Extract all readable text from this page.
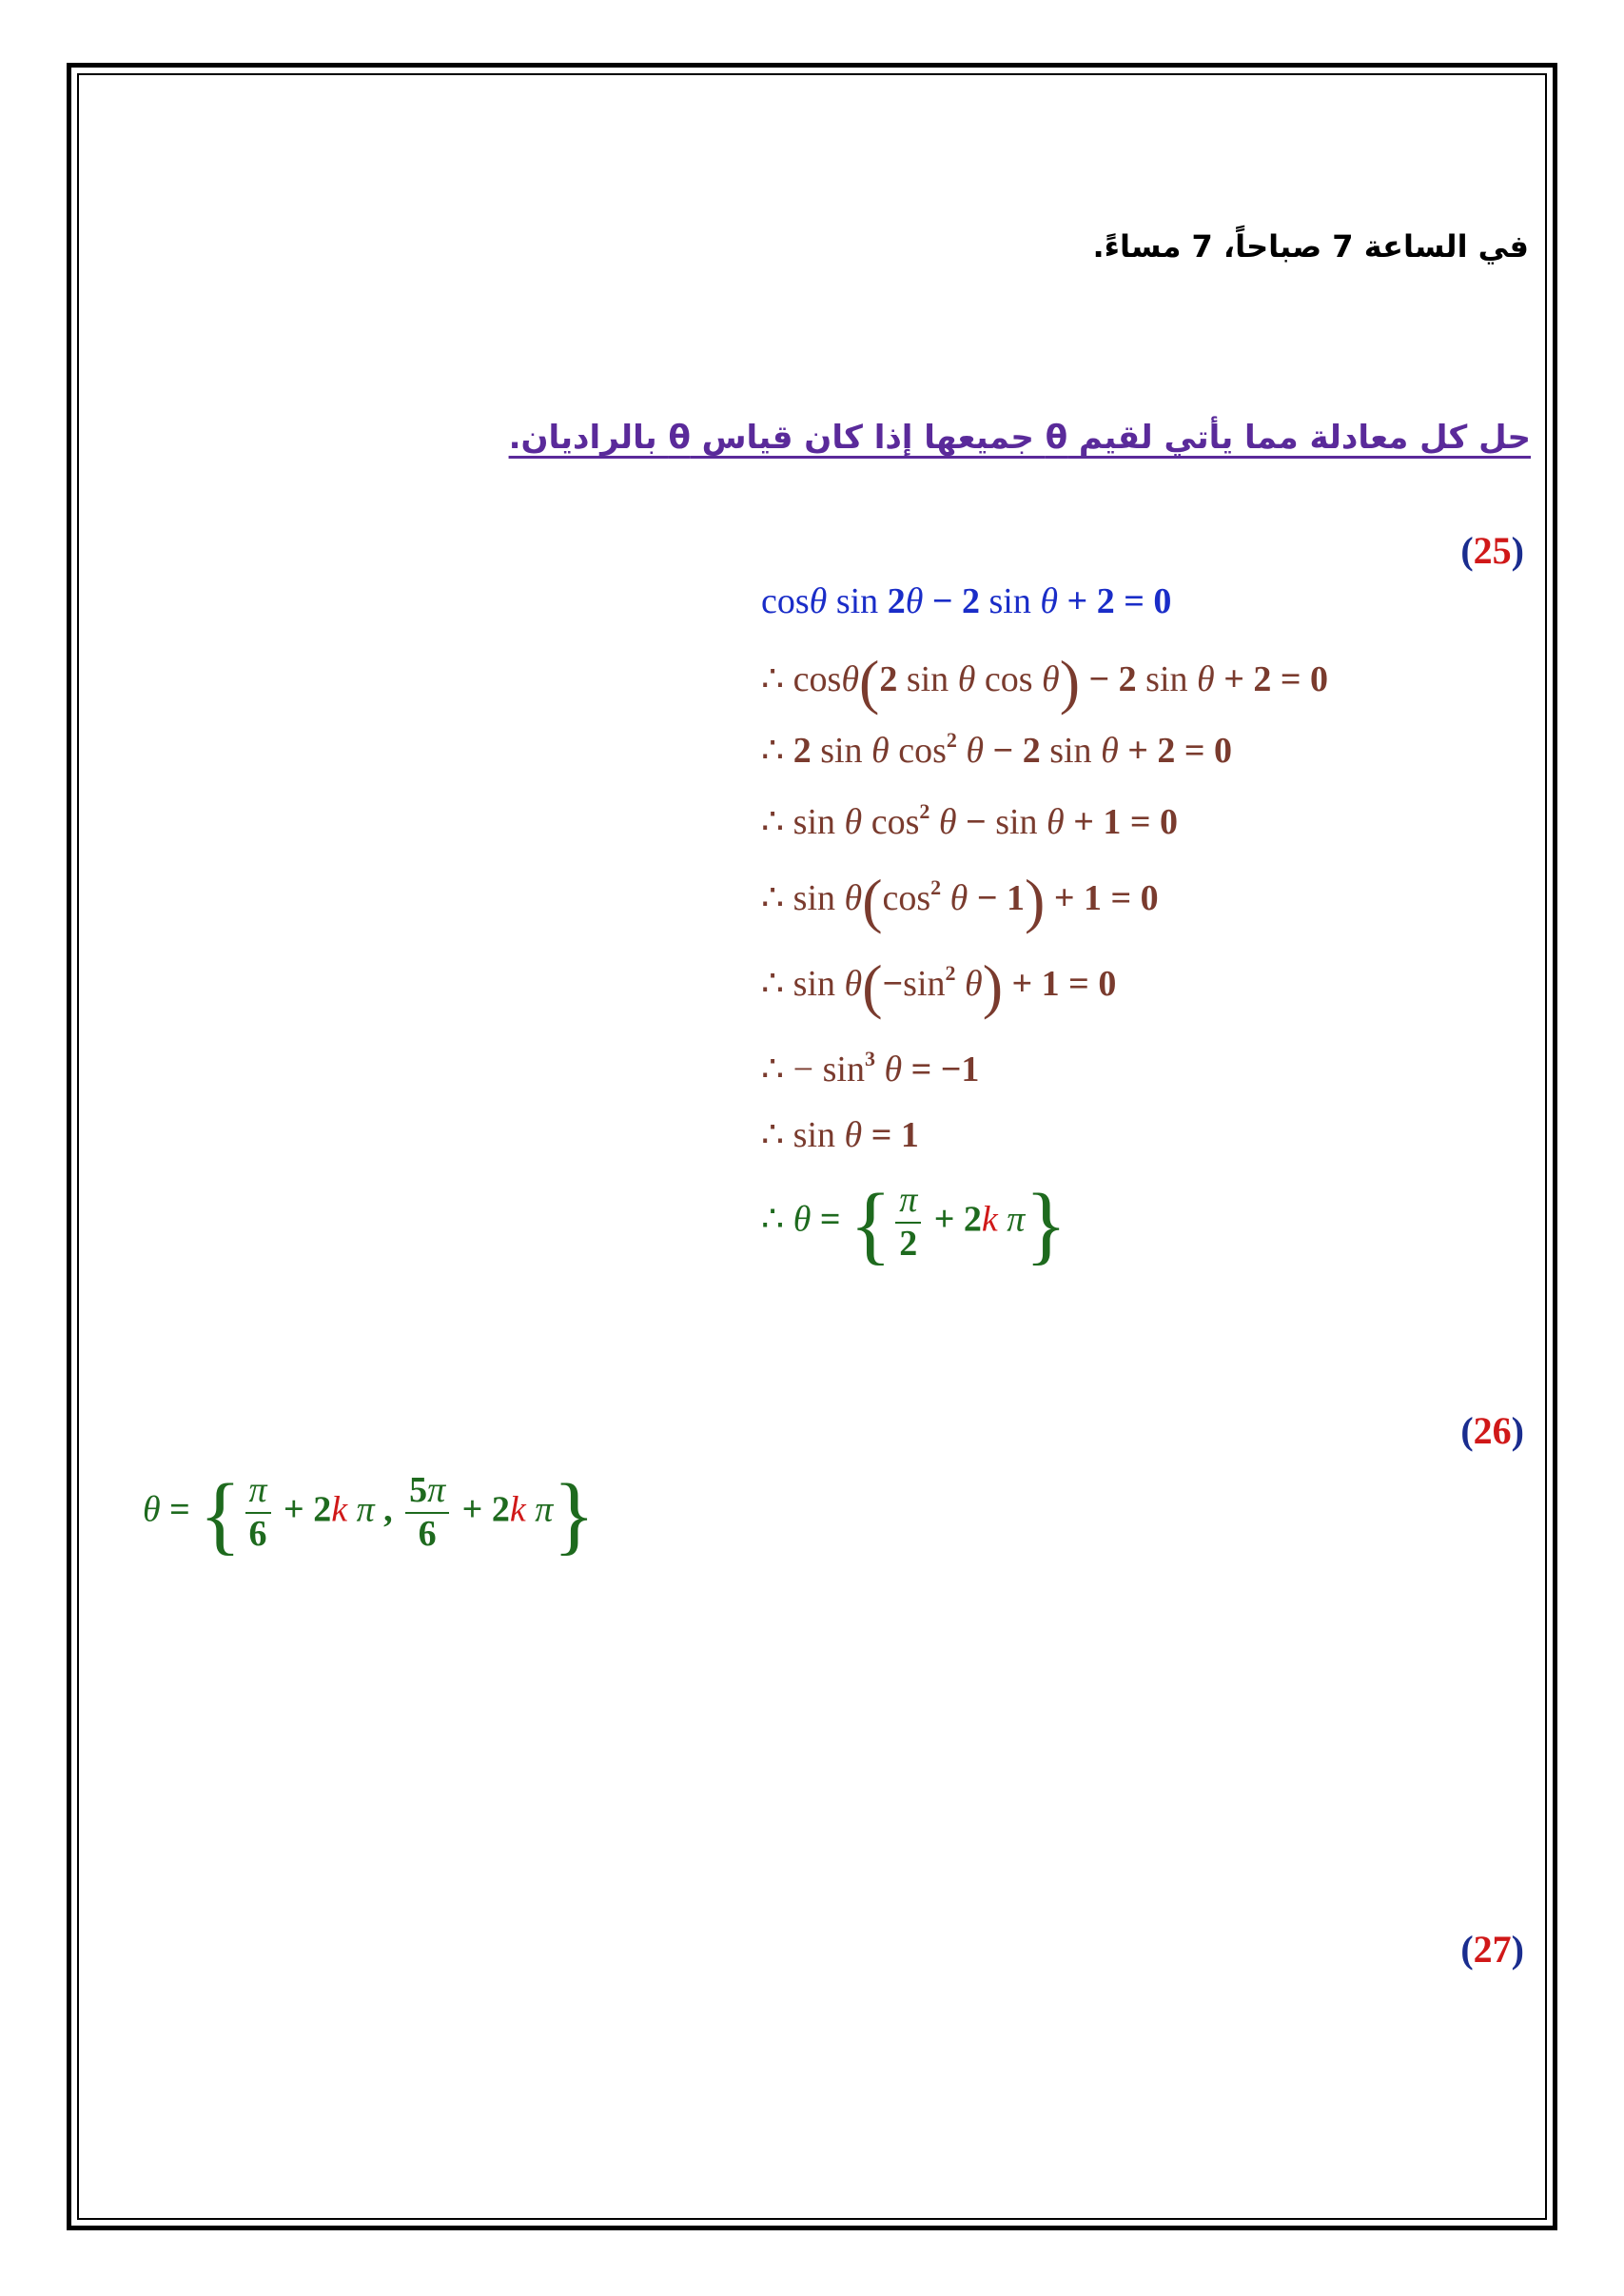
في الساعة 7 صباحاً، 7 مساءً.
حل كل معادلة مما يأتي لقيم θ جميعها إذا كان قياس θ بالراديان.
(25)
cosθ sin 2θ − 2 sin θ + 2 = 0
∴ cosθ(2 sin θ cos θ) − 2 sin θ + 2 = 0
∴ 2 sin θ $\cos^2 \theta - 2$ sin θ + 2 = 0
∴ sin θ $\cos^2 \theta - \sin \theta + 1 = 0$
∴ $\sin \theta(\cos^2$ θ − 1) + 1 = 0
∴ $\sin \theta(-\sin^2$ θ) + 1 = 0
∴ − $\sin^3 \theta = -1$
∴ sin θ = 1
∴ θ = { $\frac{\pi}{2} + 2k$ π}
(26)
θ = { $\frac{\pi}{6} + 2k$ π , $\frac{5\pi}{6} + 2k$ π}
(27)
